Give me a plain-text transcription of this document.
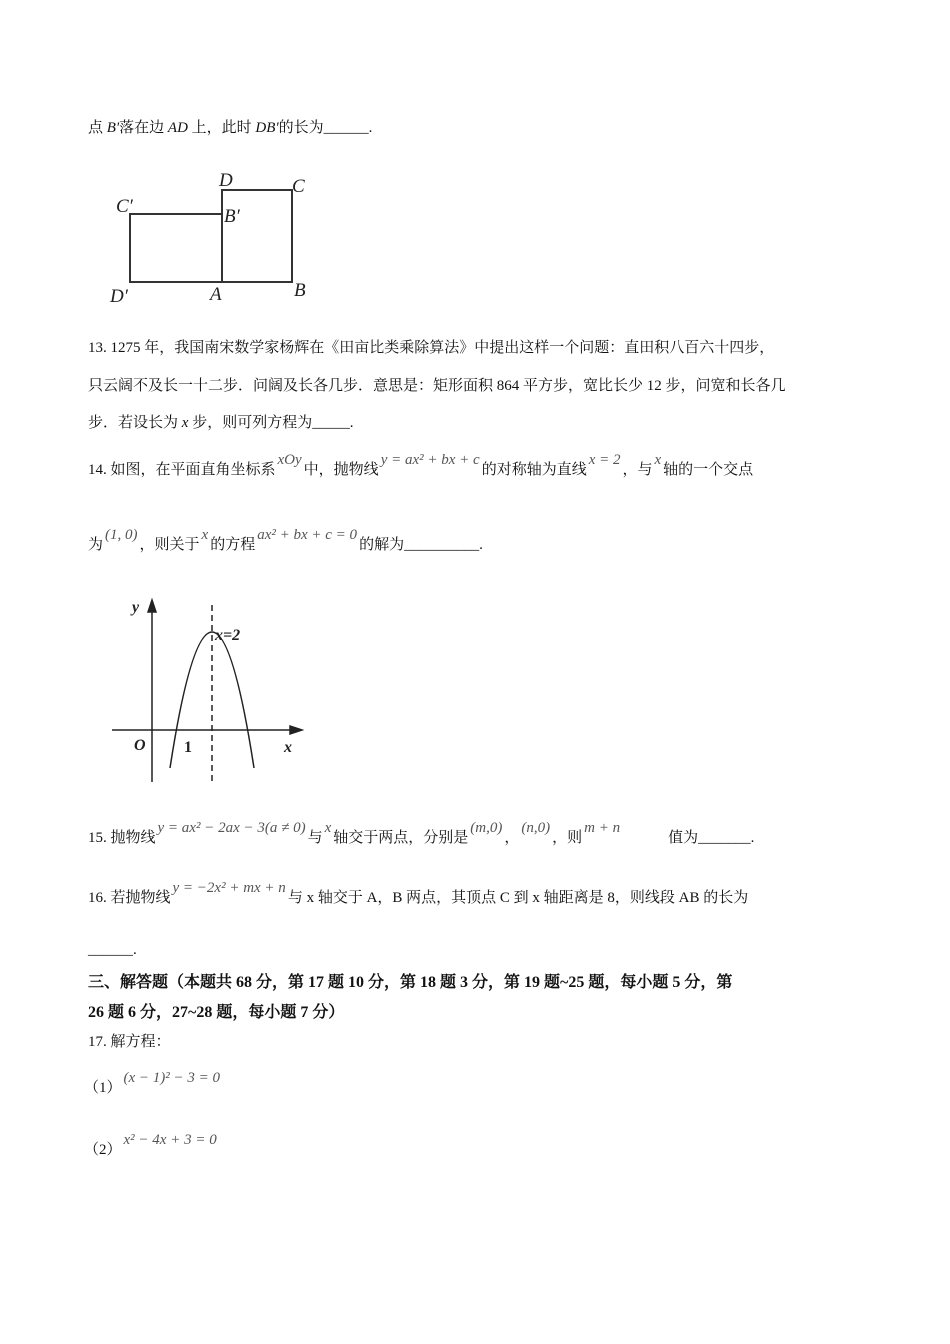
点 B'落在边 AD 上，此时 DB'的长为______.
D	C
C′	B′
D′	A	B
13. 1275 年，我国南宋数学家杨辉在《田亩比类乘除算法》中提出这样一个问题：直田积八百六十四步，
只云阔不及长一十二步．问阔及长各几步．意思是：矩形面积 864 平方步，宽比长少 12 步，问宽和长各几
步．若设长为 x 步，则可列方程为_____.
14. 如图，在平面直角坐标系xOy中，抛物线y = ax² + bx + c的对称轴为直线x = 2，与x轴的一个交点
为(1, 0)，则关于x的方程ax² + bx + c = 0的解为__________.
y
x=2
O 1	x
15. 抛物线y = ax² − 2ax − 3(a ≠ 0)与x轴交于两点，分别是(m,0)，(n,0)，则m + n值为_______.
16. 若抛物线y = −2x² + mx + n与 x 轴交于 A，B 两点，其顶点 C 到 x 轴距离是 8，则线段 AB 的长为
______.
三、解答题（本题共 68 分，第 17 题 10 分，第 18 题 3 分，第 19 题~25 题，每小题 5 分，第
26 题 6 分，27~28 题，每小题 7 分）
17. 解方程：
（1）(x − 1)² − 3 = 0
（2）x² − 4x + 3 = 0
